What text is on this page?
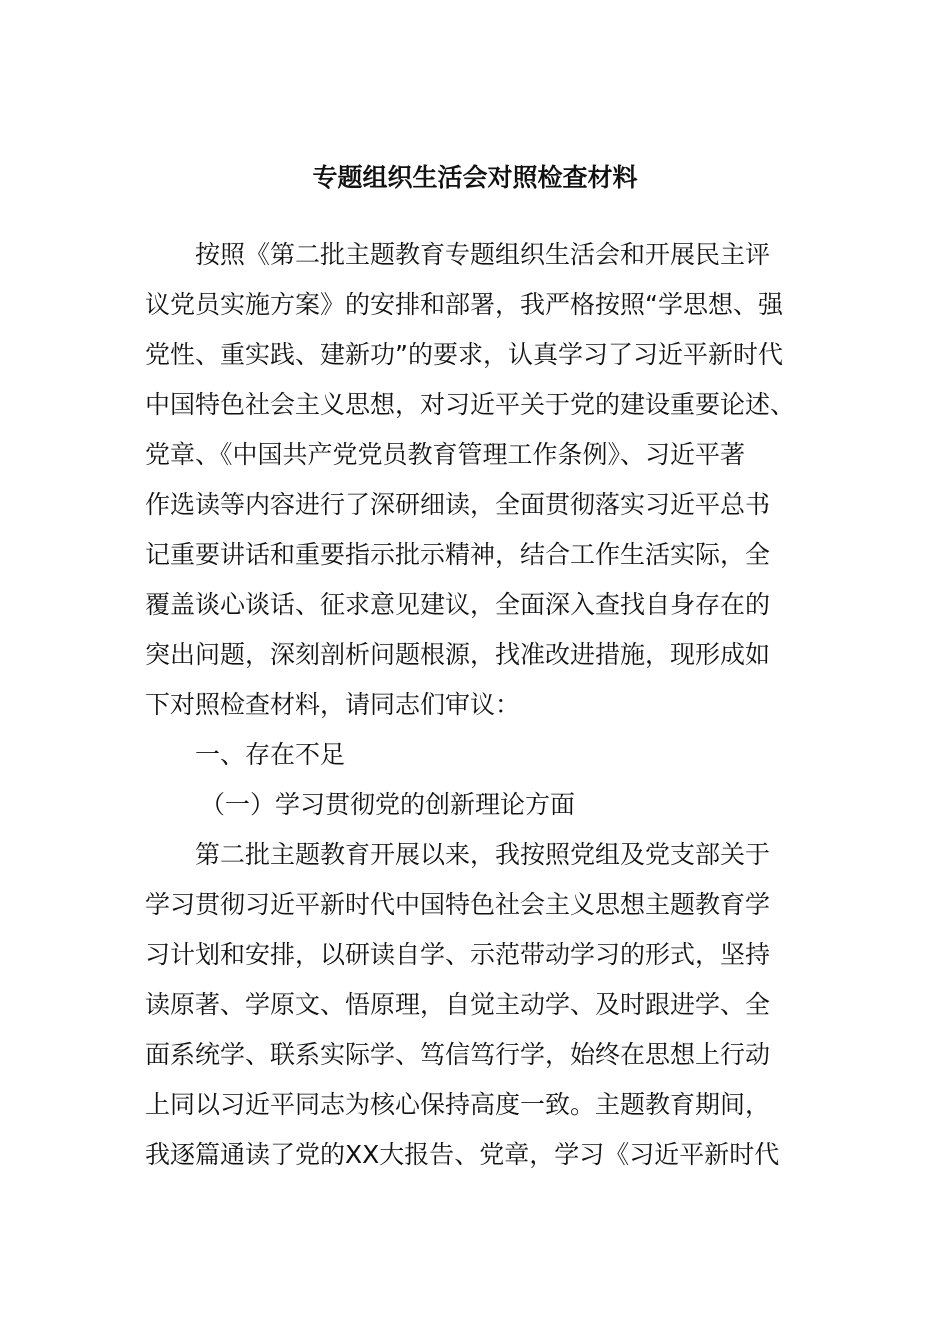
专题组织生活会对照检查材料
按照《第二批主题教育专题组织生活会和开展民主评
议党员实施方案》的安排和部署，我严格按照“学思想、强
党性、重实践、建新功”的要求，认真学习了习近平新时代
中国特色社会主义思想，对习近平关于党的建设重要论述、
党章、《中国共产党党员教育管理工作条例》、习近平著
作选读等内容进行了深研细读，全面贯彻落实习近平总书
记重要讲话和重要指示批示精神，结合工作生活实际，全
覆盖谈心谈话、征求意见建议，全面深入查找自身存在的
突出问题，深刻剖析问题根源，找准改进措施，现形成如
下对照检查材料，请同志们审议：
一、存在不足
（一）学习贯彻党的创新理论方面
第二批主题教育开展以来，我按照党组及党支部关于
学习贯彻习近平新时代中国特色社会主义思想主题教育学
习计划和安排，以研读自学、示范带动学习的形式，坚持
读原著、学原文、悟原理，自觉主动学、及时跟进学、全
面系统学、联系实际学、笃信笃行学，始终在思想上行动
上同以习近平同志为核心保持高度一致。主题教育期间，
我逐篇通读了党的XX大报告、党章，学习《习近平新时代
